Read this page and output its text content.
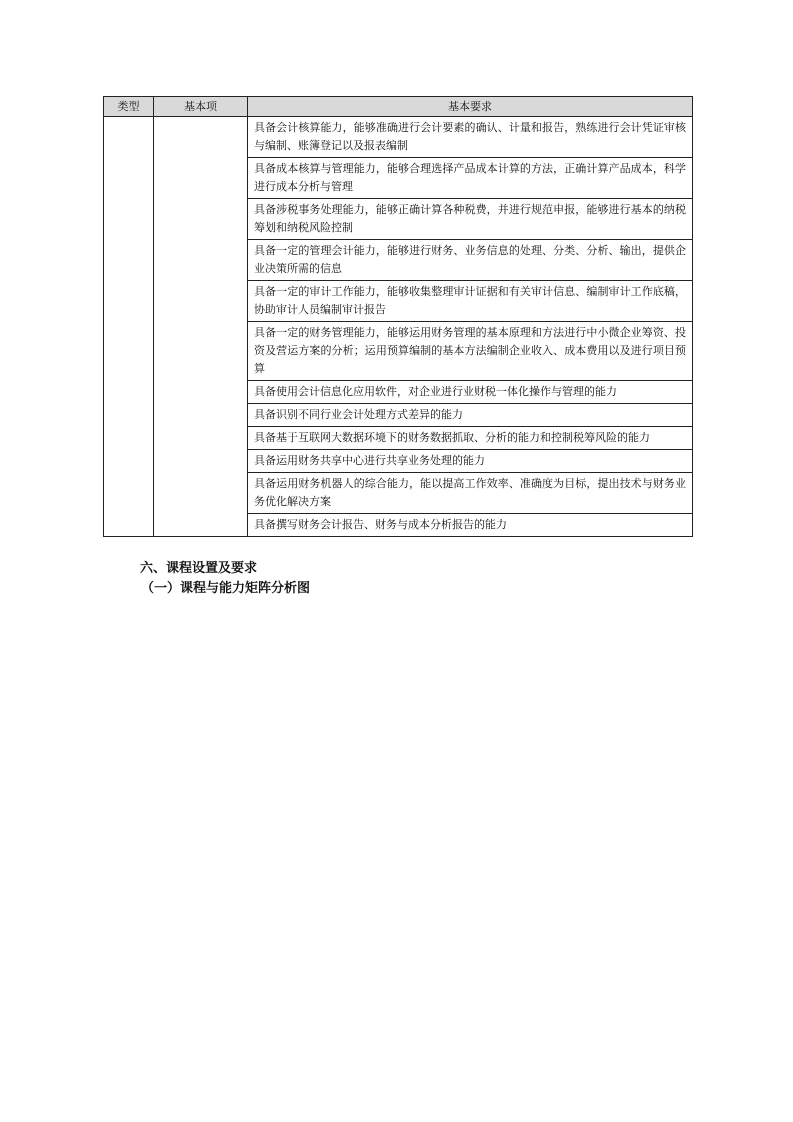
类型	基本项	基本要求
		具备会计核算能力，能够准确进行会计要素的确认、计量和报告，熟练进行会计凭证审核与编制、账簿登记以及报表编制
		具备成本核算与管理能力，能够合理选择产品成本计算的方法，正确计算产品成本，科学进行成本分析与管理
		具备涉税事务处理能力，能够正确计算各种税费，并进行规范申报，能够进行基本的纳税筹划和纳税风险控制
		具备一定的管理会计能力，能够进行财务、业务信息的处理、分类、分析、输出，提供企业决策所需的信息
		具备一定的审计工作能力，能够收集整理审计证据和有关审计信息、编制审计工作底稿，协助审计人员编制审计报告
		具备一定的财务管理能力，能够运用财务管理的基本原理和方法进行中小微企业筹资、投资及营运方案的分析；运用预算编制的基本方法编制企业收入、成本费用以及进行项目预算
		具备使用会计信息化应用软件，对企业进行业财税一体化操作与管理的能力
		具备识别不同行业会计处理方式差异的能力
		具备基于互联网大数据环境下的财务数据抓取、分析的能力和控制税筹风险的能力
		具备运用财务共享中心进行共享业务处理的能力
		具备运用财务机器人的综合能力，能以提高工作效率、准确度为目标，提出技术与财务业务优化解决方案
		具备撰写财务会计报告、财务与成本分析报告的能力
六、课程设置及要求
（一）课程与能力矩阵分析图
